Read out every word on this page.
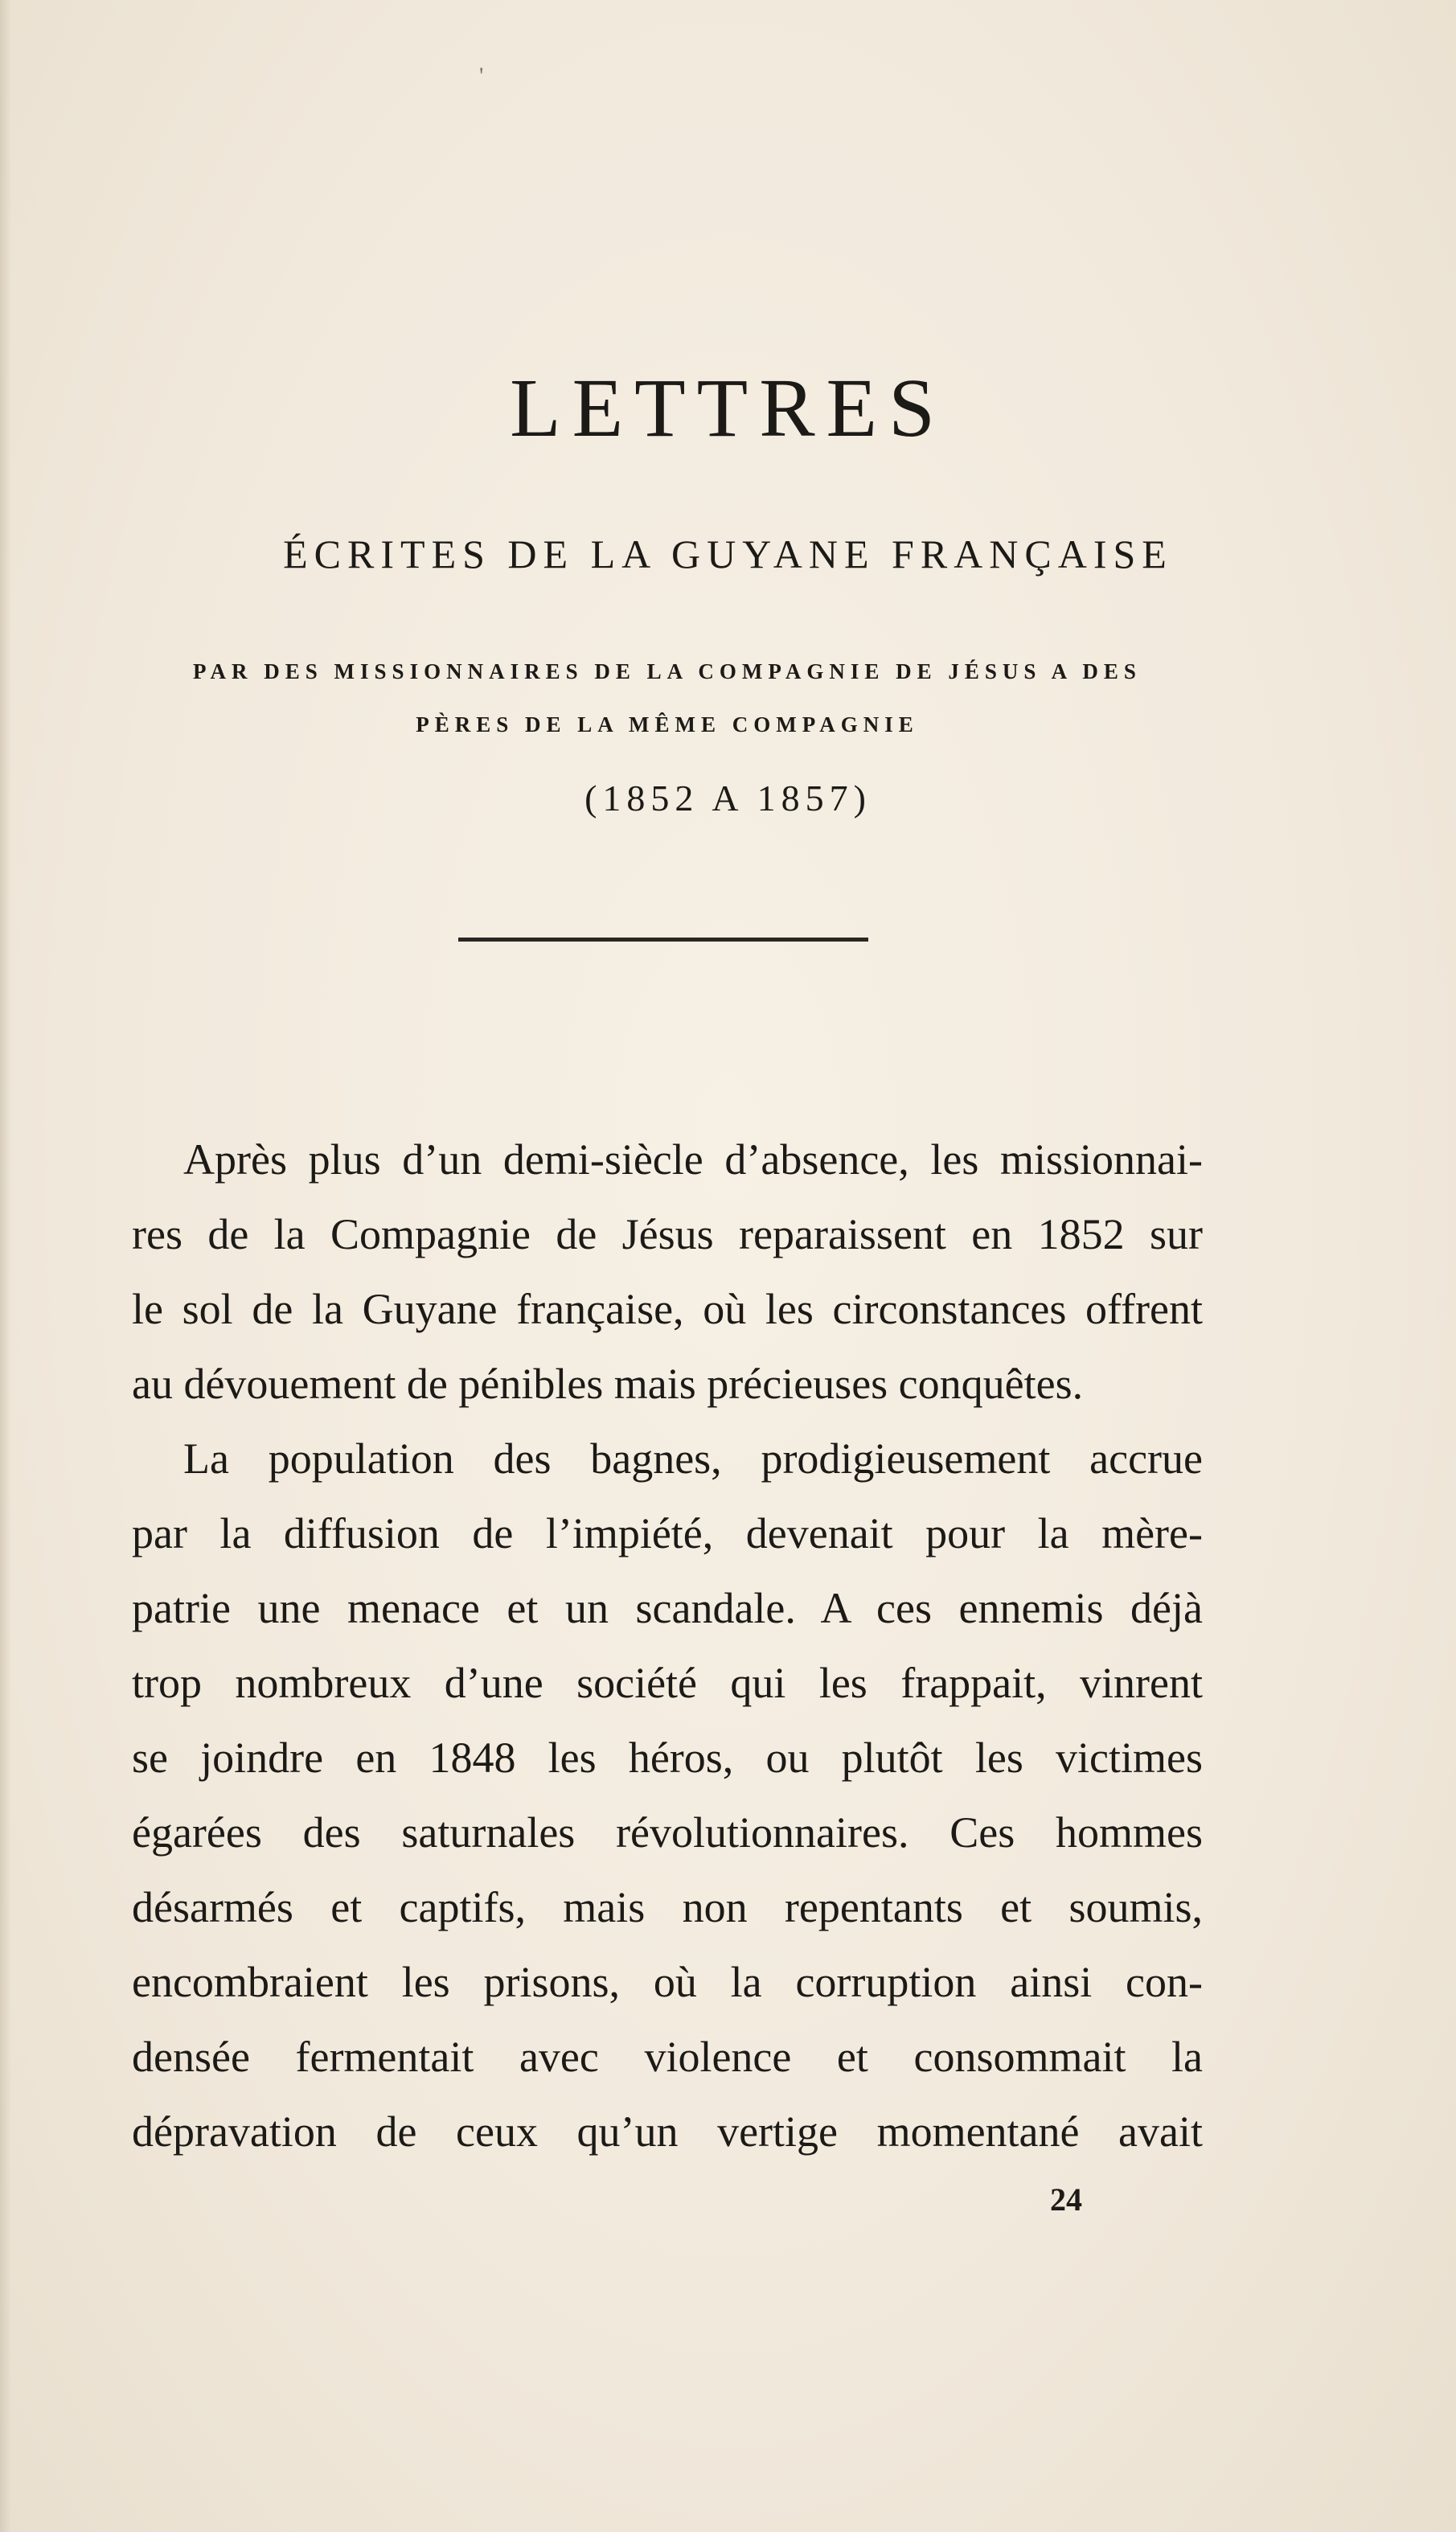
'
LETTRES
ÉCRITES DE LA GUYANE FRANÇAISE
PAR DES MISSIONNAIRES DE LA COMPAGNIE DE JÉSUS A DES
PÈRES DE LA MÊME COMPAGNIE
(1852 A 1857)
Après plus d’un demi-siècle d’absence, les missionnai-
res de la Compagnie de Jésus reparaissent en 1852 sur
le sol de la Guyane française, où les circonstances offrent
au dévouement de pénibles mais précieuses conquêtes.
La population des bagnes, prodigieusement accrue
par la diffusion de l’impiété, devenait pour la mère-
patrie une menace et un scandale. A ces ennemis déjà
trop nombreux d’une société qui les frappait, vinrent
se joindre en 1848 les héros, ou plutôt les victimes
égarées des saturnales révolutionnaires. Ces hommes
désarmés et captifs, mais non repentants et soumis,
encombraient les prisons, où la corruption ainsi con-
densée fermentait avec violence et consommait la
dépravation de ceux qu’un vertige momentané avait
24
